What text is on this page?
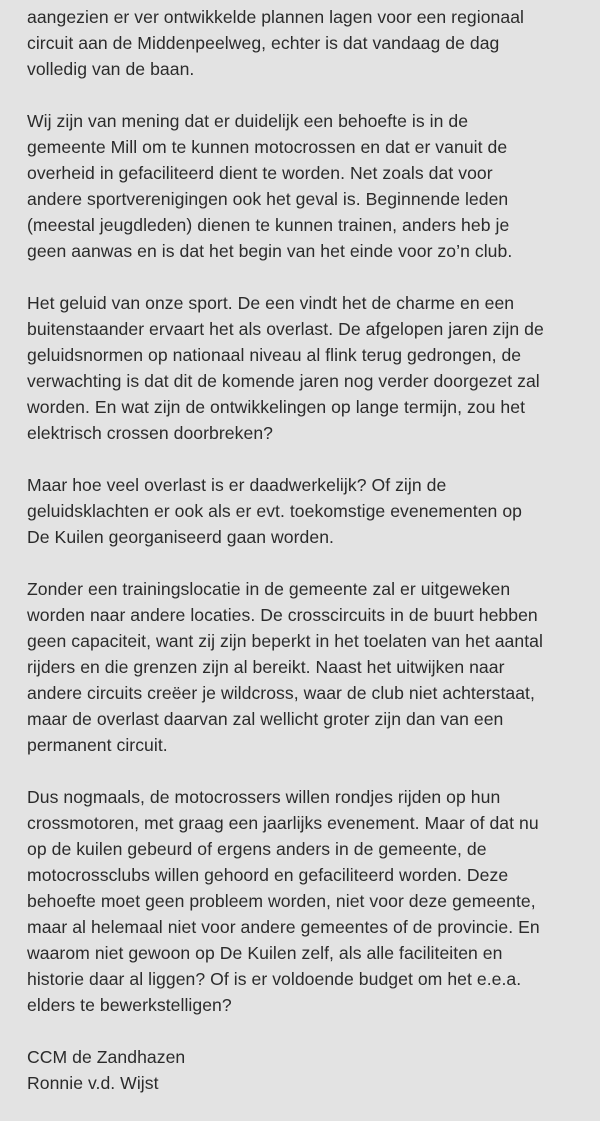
aangezien er ver ontwikkelde plannen lagen voor een regionaal
circuit aan de Middenpeelweg, echter is dat vandaag de dag
volledig van de baan.

Wij zijn van mening dat er duidelijk een behoefte is in de
gemeente Mill om te kunnen motocrossen en dat er vanuit de
overheid in gefaciliteerd dient te worden. Net zoals dat voor
andere sportverenigingen ook het geval is. Beginnende leden
(meestal jeugdleden) dienen te kunnen trainen, anders heb je
geen aanwas en is dat het begin van het einde voor zo’n club.

Het geluid van onze sport. De een vindt het de charme en een
buitenstaander ervaart het als overlast. De afgelopen jaren zijn de
geluidsnormen op nationaal niveau al flink terug gedrongen, de
verwachting is dat dit de komende jaren nog verder doorgezet zal
worden. En wat zijn de ontwikkelingen op lange termijn, zou het
elektrisch crossen doorbreken?

Maar hoe veel overlast is er daadwerkelijk? Of zijn de
geluidsklachten er ook als er evt. toekomstige evenementen op
De Kuilen georganiseerd gaan worden.

Zonder een trainingslocatie in de gemeente zal er uitgeweken
worden naar andere locaties. De crosscircuits in de buurt hebben
geen capaciteit, want zij zijn beperkt in het toelaten van het aantal
rijders en die grenzen zijn al bereikt. Naast het uitwijken naar
andere circuits creëer je wildcross, waar de club niet achterstaat,
maar de overlast daarvan zal wellicht groter zijn dan van een
permanent circuit.

Dus nogmaals, de motocrossers willen rondjes rijden op hun
crossmotoren, met graag een jaarlijks evenement. Maar of dat nu
op de kuilen gebeurd of ergens anders in de gemeente, de
motocrossclubs willen gehoord en gefaciliteerd worden. Deze
behoefte moet geen probleem worden, niet voor deze gemeente,
maar al helemaal niet voor andere gemeentes of de provincie. En
waarom niet gewoon op De Kuilen zelf, als alle faciliteiten en
historie daar al liggen? Of is er voldoende budget om het e.e.a.
elders te bewerkstelligen?

CCM de Zandhazen
Ronnie v.d. Wijst
